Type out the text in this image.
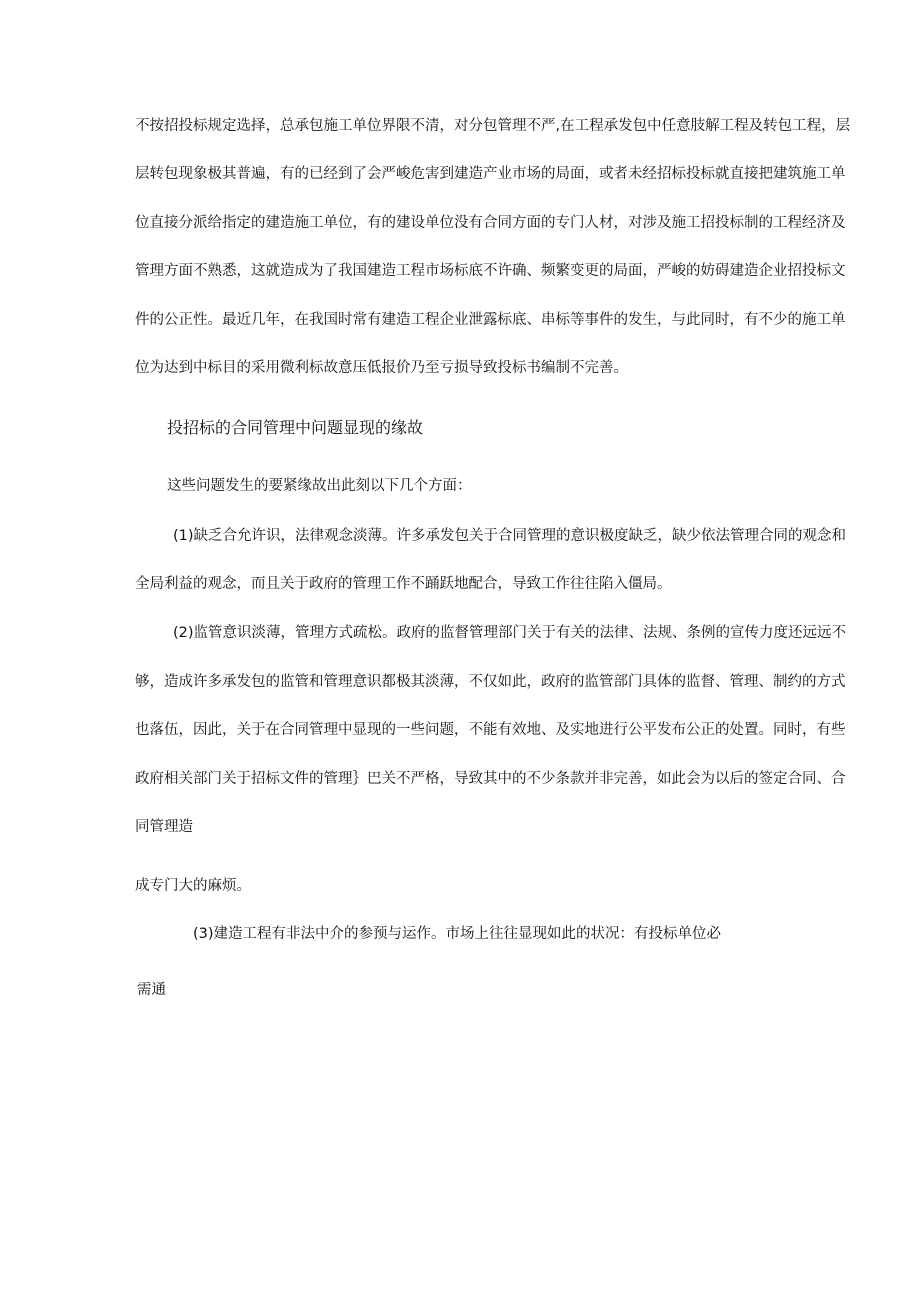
不按招投标规定选择，总承包施工单位界限不清，对分包管理不严,在工程承发包中任意肢解工程及转包工程，层
层转包现象极其普遍，有的已经到了会严峻危害到建造产业市场的局面，或者未经招标投标就直接把建筑施工单
位直接分派给指定的建造施工单位，有的建设单位没有合同方面的专门人材，对涉及施工招投标制的工程经济及
管理方面不熟悉，这就造成为了我国建造工程市场标底不许确、频繁变更的局面，严峻的妨碍建造企业招投标文
件的公正性。最近几年，在我国时常有建造工程企业泄露标底、串标等事件的发生，与此同时，有不少的施工单
位为达到中标目的采用微利标故意压低报价乃至亏损导致投标书编制不完善。
投招标的合同管理中问题显现的缘故
这些问题发生的要紧缘故出此刻以下几个方面：
(1)缺乏合允许识，法律观念淡薄。许多承发包关于合同管理的意识极度缺乏，缺少依法管理合同的观念和
全局利益的观念，而且关于政府的管理工作不踊跃地配合，导致工作往往陷入僵局。
(2)监管意识淡薄，管理方式疏松。政府的监督管理部门关于有关的法律、法规、条例的宣传力度还远远不
够，造成许多承发包的监管和管理意识都极其淡薄，不仅如此，政府的监管部门具体的监督、管理、制约的方式
也落伍，因此，关于在合同管理中显现的一些问题，不能有效地、及实地进行公平发布公正的处置。同时，有些
政府相关部门关于招标文件的管理｝巴关不严格，导致其中的不少条款并非完善，如此会为以后的签定合同、合
同管理造
成专门大的麻烦。
(3)建造工程有非法中介的参预与运作。市场上往往显现如此的状况：有投标单位必
需通
